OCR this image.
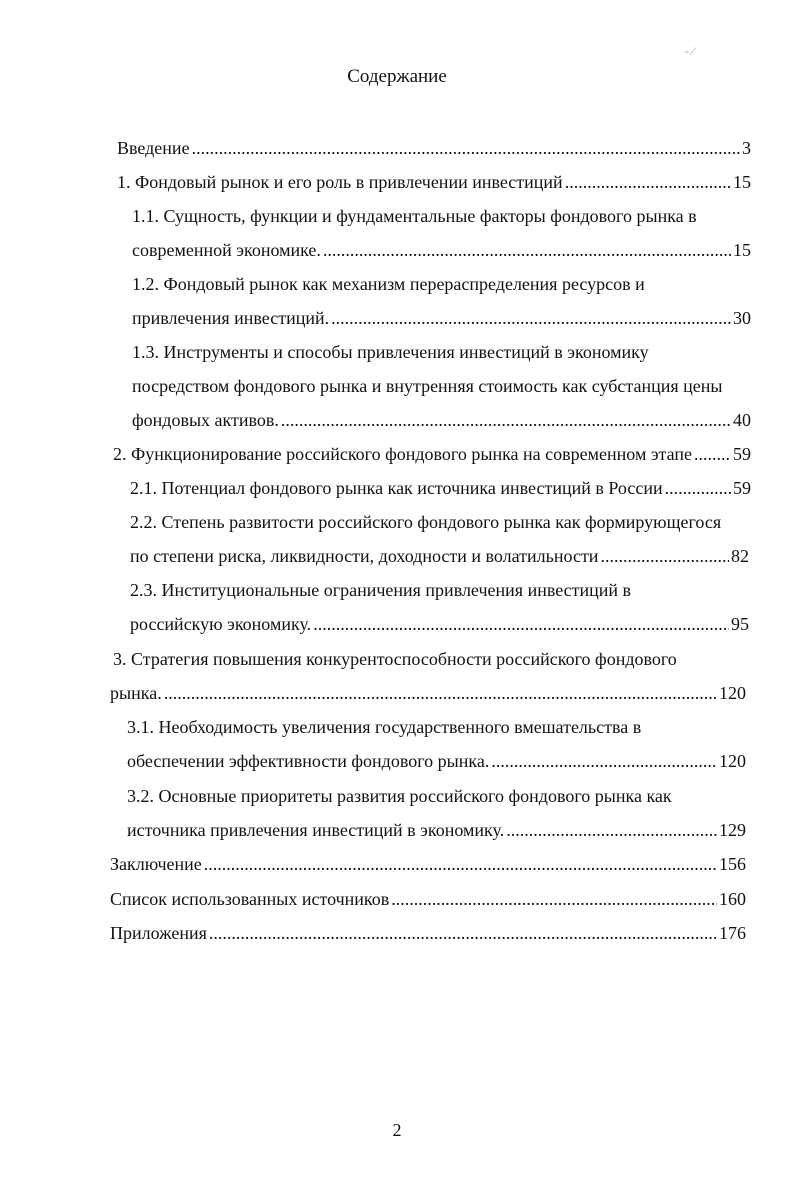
- ⁄
Содержание
Введение .....	3
1. Фондовый рынок и его роль в привлечении инвестиций .....	15
1.1. Сущность, функции и фундаментальные факторы фондового рынка в
современной экономике. .....	15
1.2. Фондовый рынок как механизм перераспределения ресурсов и
привлечения инвестиций. .....	30
1.3. Инструменты и способы привлечения инвестиций в экономику
посредством фондового рынка и внутренняя стоимость как субстанция цены
фондовых активов. .....	40
2. Функционирование российского фондового рынка на современном этапе ..... 59
2.1. Потенциал фондового рынка как источника инвестиций в России .....	59
2.2. Степень развитости российского фондового рынка как формирующегося
по степени риска, ликвидности, доходности и волатильности .....	82
2.3. Институциональные ограничения привлечения инвестиций в
российскую экономику. .....	95
3. Стратегия повышения конкурентоспособности российского фондового
рынка. .....	120
3.1. Необходимость увеличения государственного вмешательства в
обеспечении эффективности фондового рынка. .....	120
3.2. Основные приоритеты развития российского фондового рынка как
источника привлечения инвестиций в экономику. .....	129
Заключение .....	156
Список использованных источников .....	160
Приложения .....	176
2
